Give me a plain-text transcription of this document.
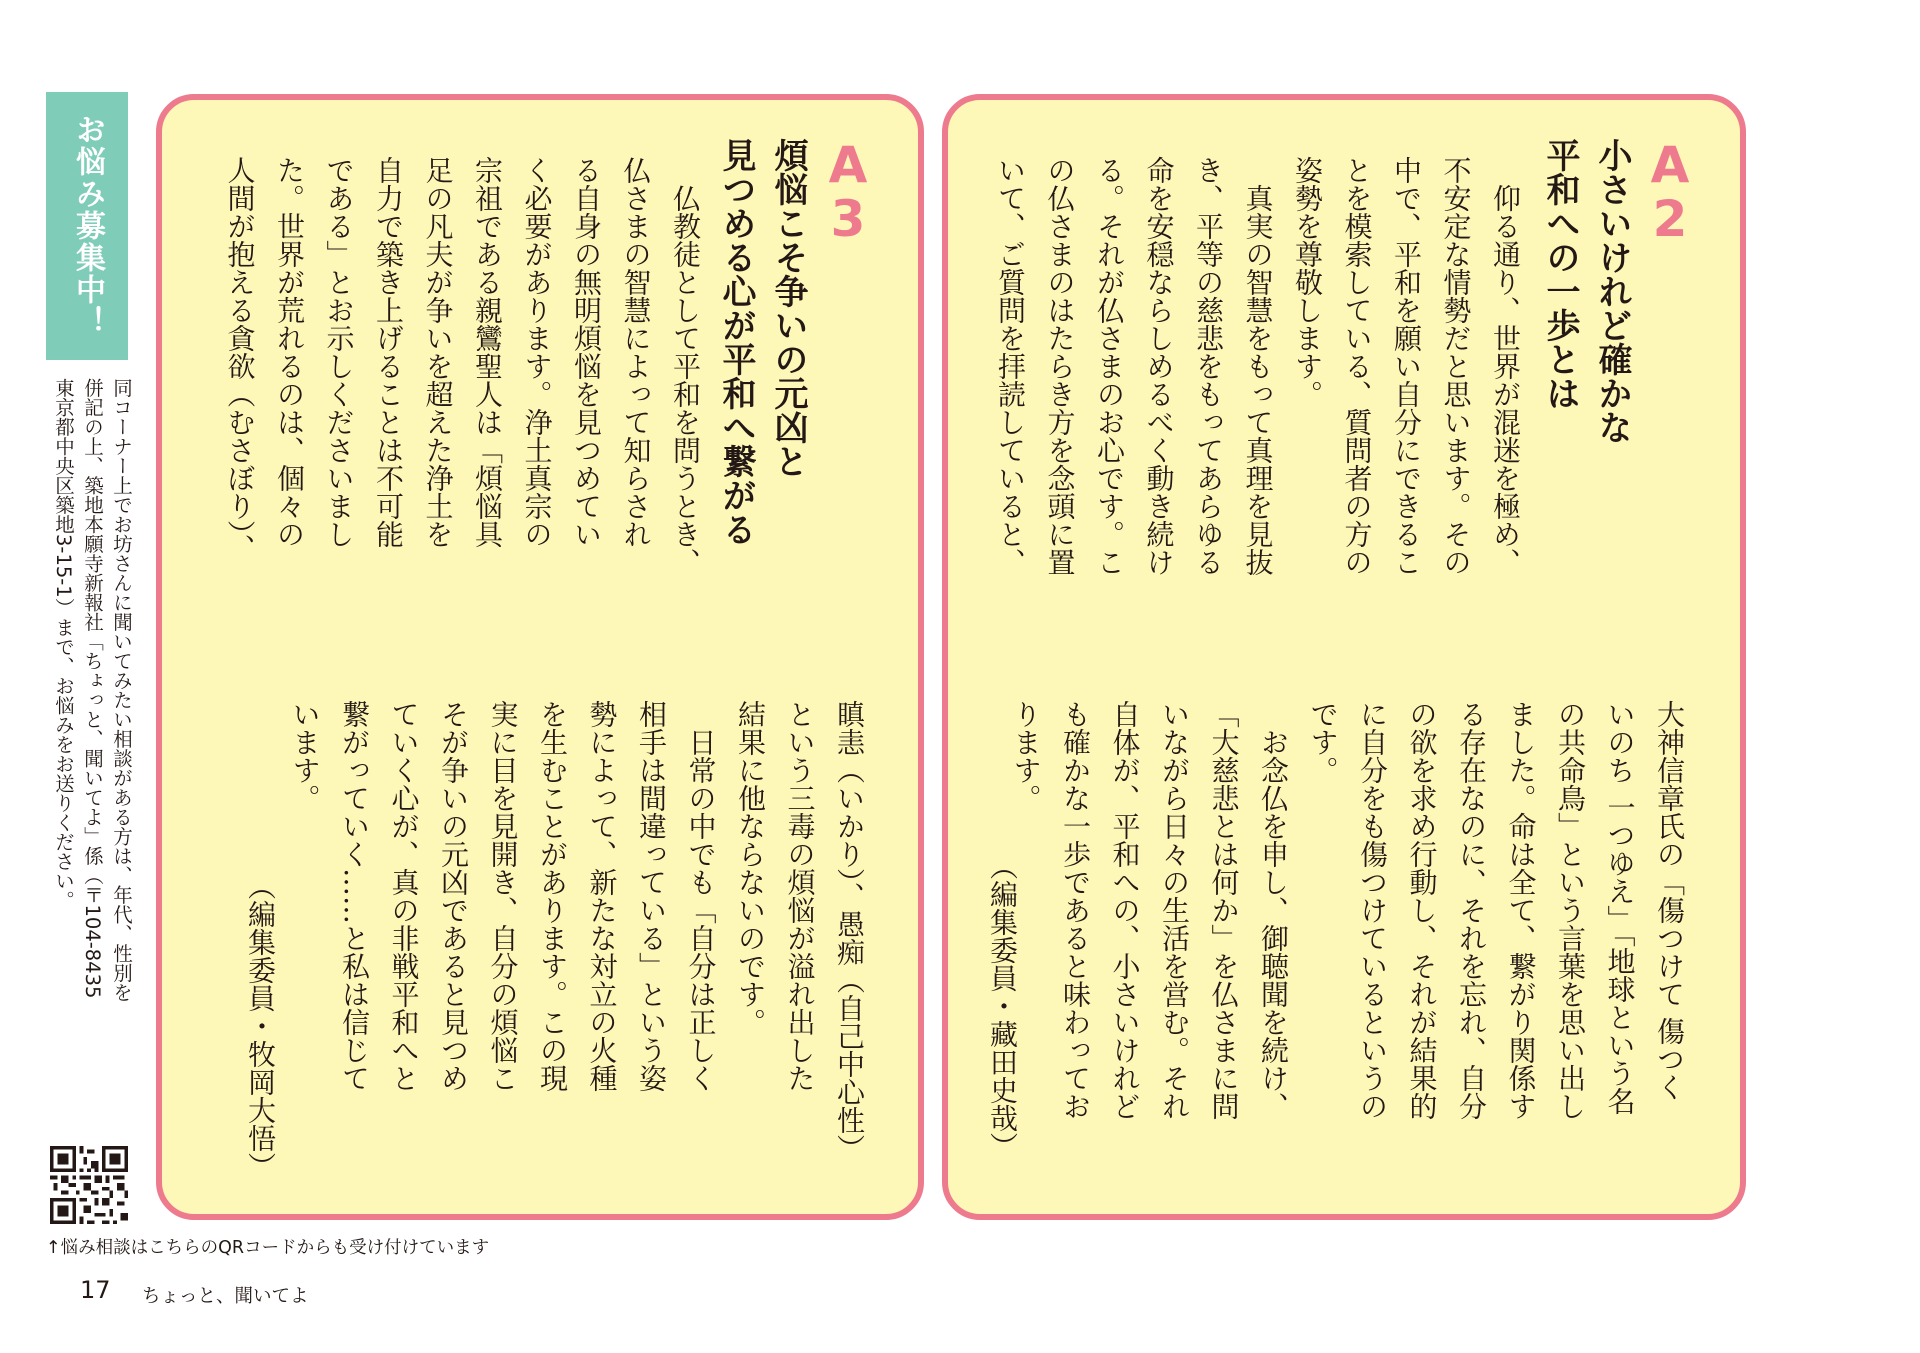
お悩み募集中！
同コーナー上でお坊さんに聞いてみたい相談がある方は、年代、性別を
併記の上、築地本願寺新報社「ちょっと、聞いてよ」係（〒104-8435
東京都中央区築地3-15-1）まで、お悩みをお送りください。
↑悩み相談はこちらのQRコードからも受け付けています
17 ちょっと、聞いてよ
A
3
煩悩こそ争いの元凶と
見つめる心が平和へ繋がる
　仏教徒として平和を問うとき、
仏さまの智慧によって知らされ
る自身の無明煩悩を見つめてい
く必要があります。浄土真宗の
宗祖である親鸞聖人は「煩悩具
足の凡夫が争いを超えた浄土を
自力で築き上げることは不可能
である」とお示しくださいまし
た。世界が荒れるのは、個々の
人間が抱える貪欲（むさぼり）、
瞋恚（いかり）、愚痴（自己中心性）
という三毒の煩悩が溢れ出した
結果に他ならないのです。
　日常の中でも「自分は正しく
相手は間違っている」という姿
勢によって、新たな対立の火種
を生むことがあります。この現
実に目を見開き、自分の煩悩こ
そが争いの元凶であると見つめ
ていく心が、真の非戦平和へと
繋がっていく……と私は信じて
います。
（編集委員・牧岡大悟）
A
2
小さいけれど確かな
平和への一歩とは
　仰る通り、世界が混迷を極め、
不安定な情勢だと思います。その
中で、平和を願い自分にできるこ
とを模索している、質問者の方の
姿勢を尊敬します。
　真実の智慧をもって真理を見抜
き、平等の慈悲をもってあらゆる
命を安穏ならしめるべく動き続け
る。それが仏さまのお心です。こ
の仏さまのはたらき方を念頭に置
いて、ご質問を拝読していると、
大神信章氏の「傷つけて 傷つく
いのち 一つゆえ」「地球という名
の共命鳥」という言葉を思い出し
ました。命は全て、繋がり関係す
る存在なのに、それを忘れ、自分
の欲を求め行動し、それが結果的
に自分をも傷つけているというの
です。
　お念仏を申し、御聴聞を続け、
「大慈悲とは何か」を仏さまに問
いながら日々の生活を営む。それ
自体が、平和への、小さいけれど
も確かな一歩であると味わってお
ります。
（編集委員・藏田史哉）
